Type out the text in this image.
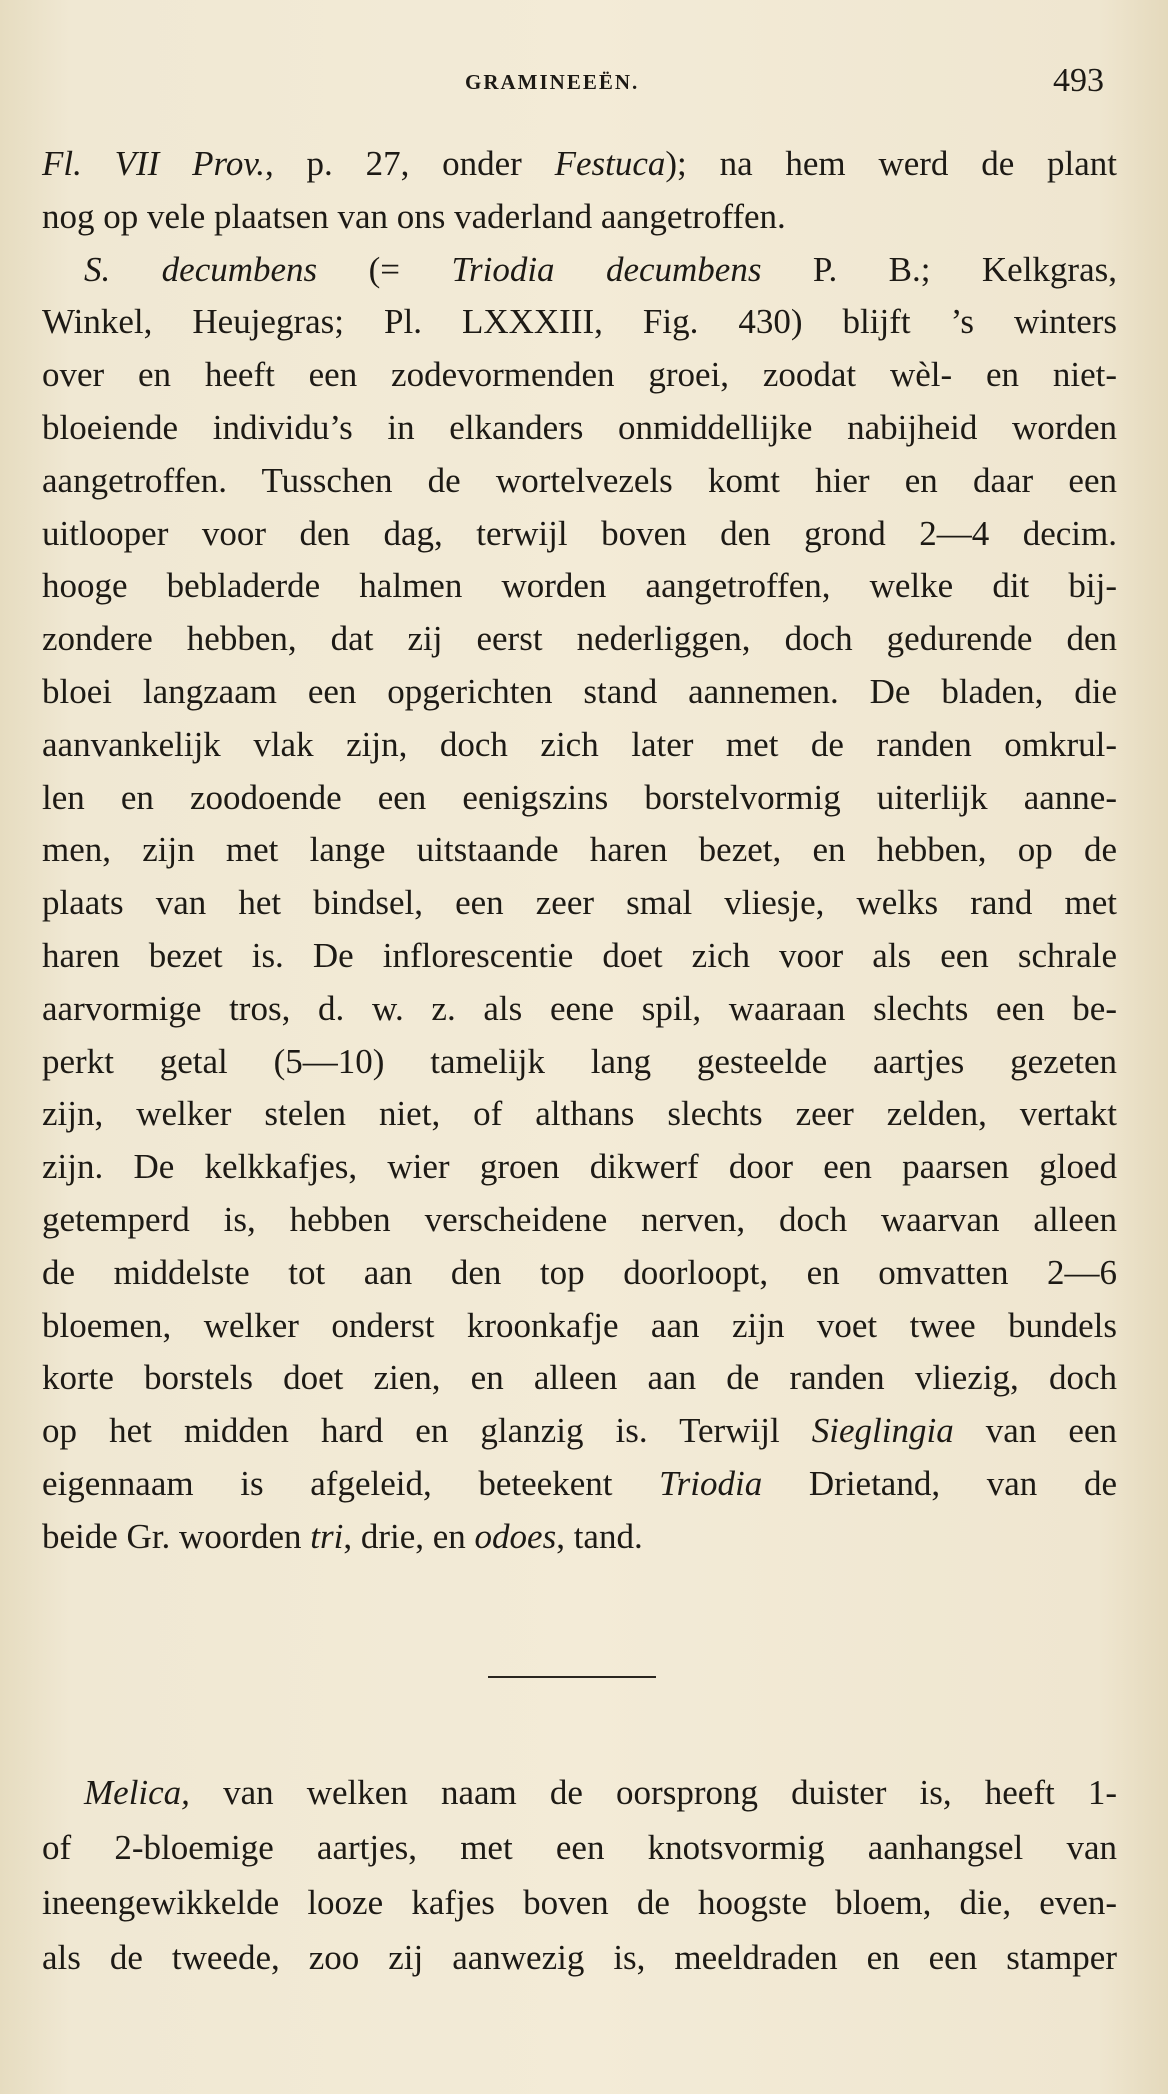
GRAMINEEËN.	493
Fl. VII Prov., p. 27, onder Festuca); na hem werd de plant
nog op vele plaatsen van ons vaderland aangetroffen.
S. decumbens (= Triodia decumbens P. B.; Kelkgras,
Winkel, Heujegras; Pl. LXXXIII, Fig. 430) blijft ’s winters
over en heeft een zodevormenden groei, zoodat wèl- en niet-
bloeiende individu’s in elkanders onmiddellijke nabijheid worden
aangetroffen. Tusschen de wortelvezels komt hier en daar een
uitlooper voor den dag, terwijl boven den grond 2—4 decim.
hooge bebladerde halmen worden aangetroffen, welke dit bij-
zondere hebben, dat zij eerst nederliggen, doch gedurende den
bloei langzaam een opgerichten stand aannemen. De bladen, die
aanvankelijk vlak zijn, doch zich later met de randen omkrul-
len en zoodoende een eenigszins borstelvormig uiterlijk aanne-
men, zijn met lange uitstaande haren bezet, en hebben, op de
plaats van het bindsel, een zeer smal vliesje, welks rand met
haren bezet is. De inflorescentie doet zich voor als een schrale
aarvormige tros, d. w. z. als eene spil, waaraan slechts een be-
perkt getal (5—10) tamelijk lang gesteelde aartjes gezeten
zijn, welker stelen niet, of althans slechts zeer zelden, vertakt
zijn. De kelkkafjes, wier groen dikwerf door een paarsen gloed
getemperd is, hebben verscheidene nerven, doch waarvan alleen
de middelste tot aan den top doorloopt, en omvatten 2—6
bloemen, welker onderst kroonkafje aan zijn voet twee bundels
korte borstels doet zien, en alleen aan de randen vliezig, doch
op het midden hard en glanzig is. Terwijl Sieglingia van een
eigennaam is afgeleid, beteekent Triodia Drietand, van de
beide Gr. woorden tri, drie, en odoes, tand.
Melica, van welken naam de oorsprong duister is, heeft 1-
of 2-bloemige aartjes, met een knotsvormig aanhangsel van
ineengewikkelde looze kafjes boven de hoogste bloem, die, even-
als de tweede, zoo zij aanwezig is, meeldraden en een stamper
